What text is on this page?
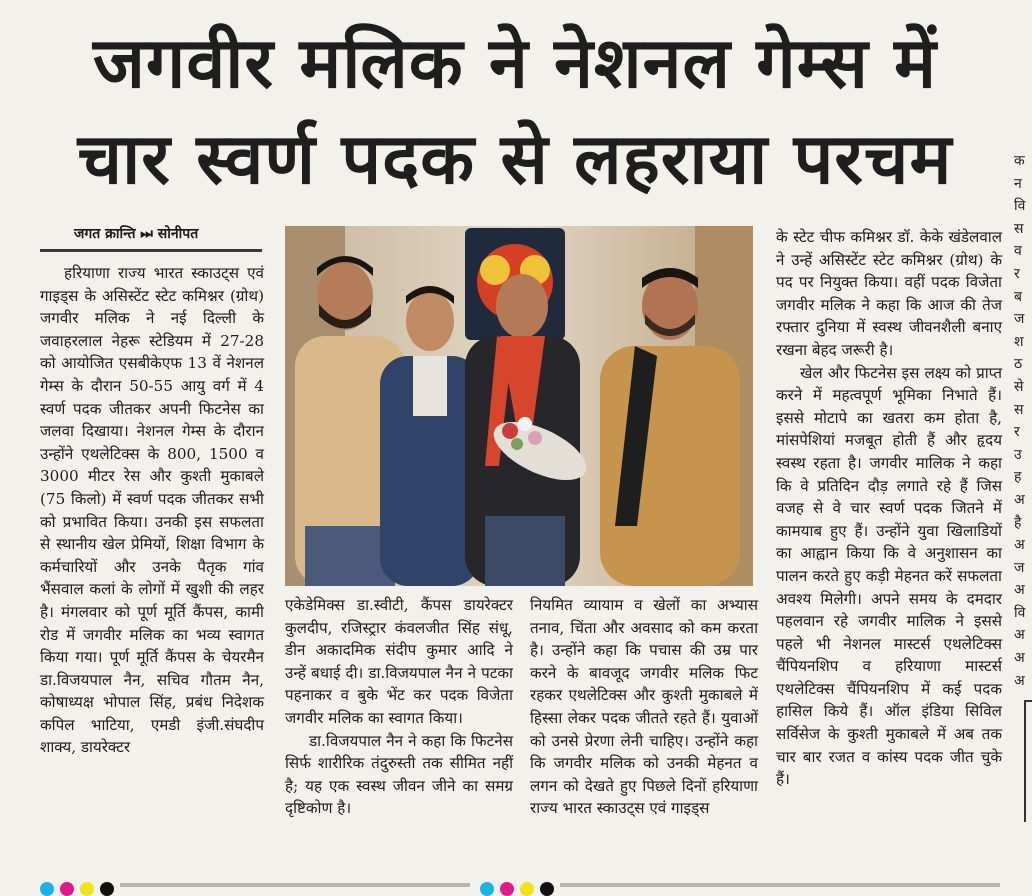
जगवीर मलिक ने नेशनल गेम्स में
चार स्वर्ण पदक से लहराया परचम
जगत क्रान्ति ⏭ सोनीपत

हरियाणा राज्य भारत स्काउट्स एवं गाइड्स के असिस्टेंट स्टेट कमिश्नर (ग्रोथ) जगवीर मलिक ने नई दिल्ली के जवाहरलाल नेहरू स्टेडियम में 27-28 को आयोजित एसबीकेएफ 13 वें नेशनल गेम्स के दौरान 50-55 आयु वर्ग में 4 स्वर्ण पदक जीतकर अपनी फिटनेस का जलवा दिखाया। नेशनल गेम्स के दौरान उन्होंने एथलेटिक्स के 800, 1500 व 3000 मीटर रेस और कुश्ती मुकाबले (75 किलो) में स्वर्ण पदक जीतकर सभी को प्रभावित किया। उनकी इस सफलता से स्थानीय खेल प्रेमियों, शिक्षा विभाग के कर्मचारियों और उनके पैतृक गांव भैंसवाल कलां के लोगों में खुशी की लहर है। मंगलवार को पूर्ण मूर्ति कैंपस, कामी रोड में जगवीर मलिक का भव्य स्वागत किया गया। पूर्ण मूर्ति कैंपस के चेयरमैन डा.विजयपाल नैन, सचिव गौतम नैन, कोषाध्यक्ष भोपाल सिंह, प्रबंध निदेशक कपिल भाटिया, एमडी इंजी.संघदीप शाक्य, डायरेक्टर

एकेडेमिक्स डा.स्वीटी, कैंपस डायरेक्टर कुलदीप, रजिस्ट्रार कंवलजीत सिंह संधू, डीन अकादमिक संदीप कुमार आदि ने उन्हें बधाई दी। डा.विजयपाल नैन ने पटका पहनाकर व बुके भेंट कर पदक विजेता जगवीर मलिक का स्वागत किया।

डा.विजयपाल नैन ने कहा कि फिटनेस सिर्फ शारीरिक तंदुरुस्ती तक सीमित नहीं है; यह एक स्वस्थ जीवन जीने का समग्र दृष्टिकोण है।

नियमित व्यायाम व खेलों का अभ्यास तनाव, चिंता और अवसाद को कम करता है। उन्होंने कहा कि पचास की उम्र पार करने के बावजूद जगवीर मलिक फिट रहकर एथलेटिक्स और कुश्ती मुकाबले में हिस्सा लेकर पदक जीतते रहते हैं। युवाओं को उनसे प्रेरणा लेनी चाहिए। उन्होंने कहा कि जगवीर मलिक को उनकी मेहनत व लगन को देखते हुए पिछले दिनों हरियाणा राज्य भारत स्काउट्स एवं गाइड्स

के स्टेट चीफ कमिश्नर डॉ. केके खंडेलवाल ने उन्हें असिस्टेंट स्टेट कमिश्नर (ग्रोथ) के पद पर नियुक्त किया। वहीं पदक विजेता जगवीर मलिक ने कहा कि आज की तेज रफ्तार दुनिया में स्वस्थ जीवनशैली बनाए रखना बेहद जरूरी है।

खेल और फिटनेस इस लक्ष्य को प्राप्त करने में महत्वपूर्ण भूमिका निभाते हैं। इससे मोटापे का खतरा कम होता है, मांसपेशियां मजबूत होती हैं और हृदय स्वस्थ रहता है। जगवीर मालिक ने कहा कि वे प्रतिदिन दौड़ लगाते रहे हैं जिस वजह से वे चार स्वर्ण पदक जितने में कामयाब हुए हैं। उन्होंने युवा खिलाडियों का आह्वान किया कि वे अनुशासन का पालन करते हुए कड़ी मेहनत करें सफलता अवश्य मिलेगी। अपने समय के दमदार पहलवान रहे जगवीर मालिक ने इससे पहले भी नेशनल मास्टर्स एथलेटिक्स चैंपियनशिप व हरियाणा मास्टर्स एथलेटिक्स चैंपियनशिप में कई पदक हासिल किये हैं। ऑल इंडिया सिविल सर्विसेज के कुश्ती मुकाबले में अब तक चार बार रजत व कांस्य पदक जीत चुके हैं।

क
न
वि
स
व
र
ब
ज
श
ठ
से
स
र
उ
ह
अ
है
अ
ज
अ
वि
अ
अ
अ
